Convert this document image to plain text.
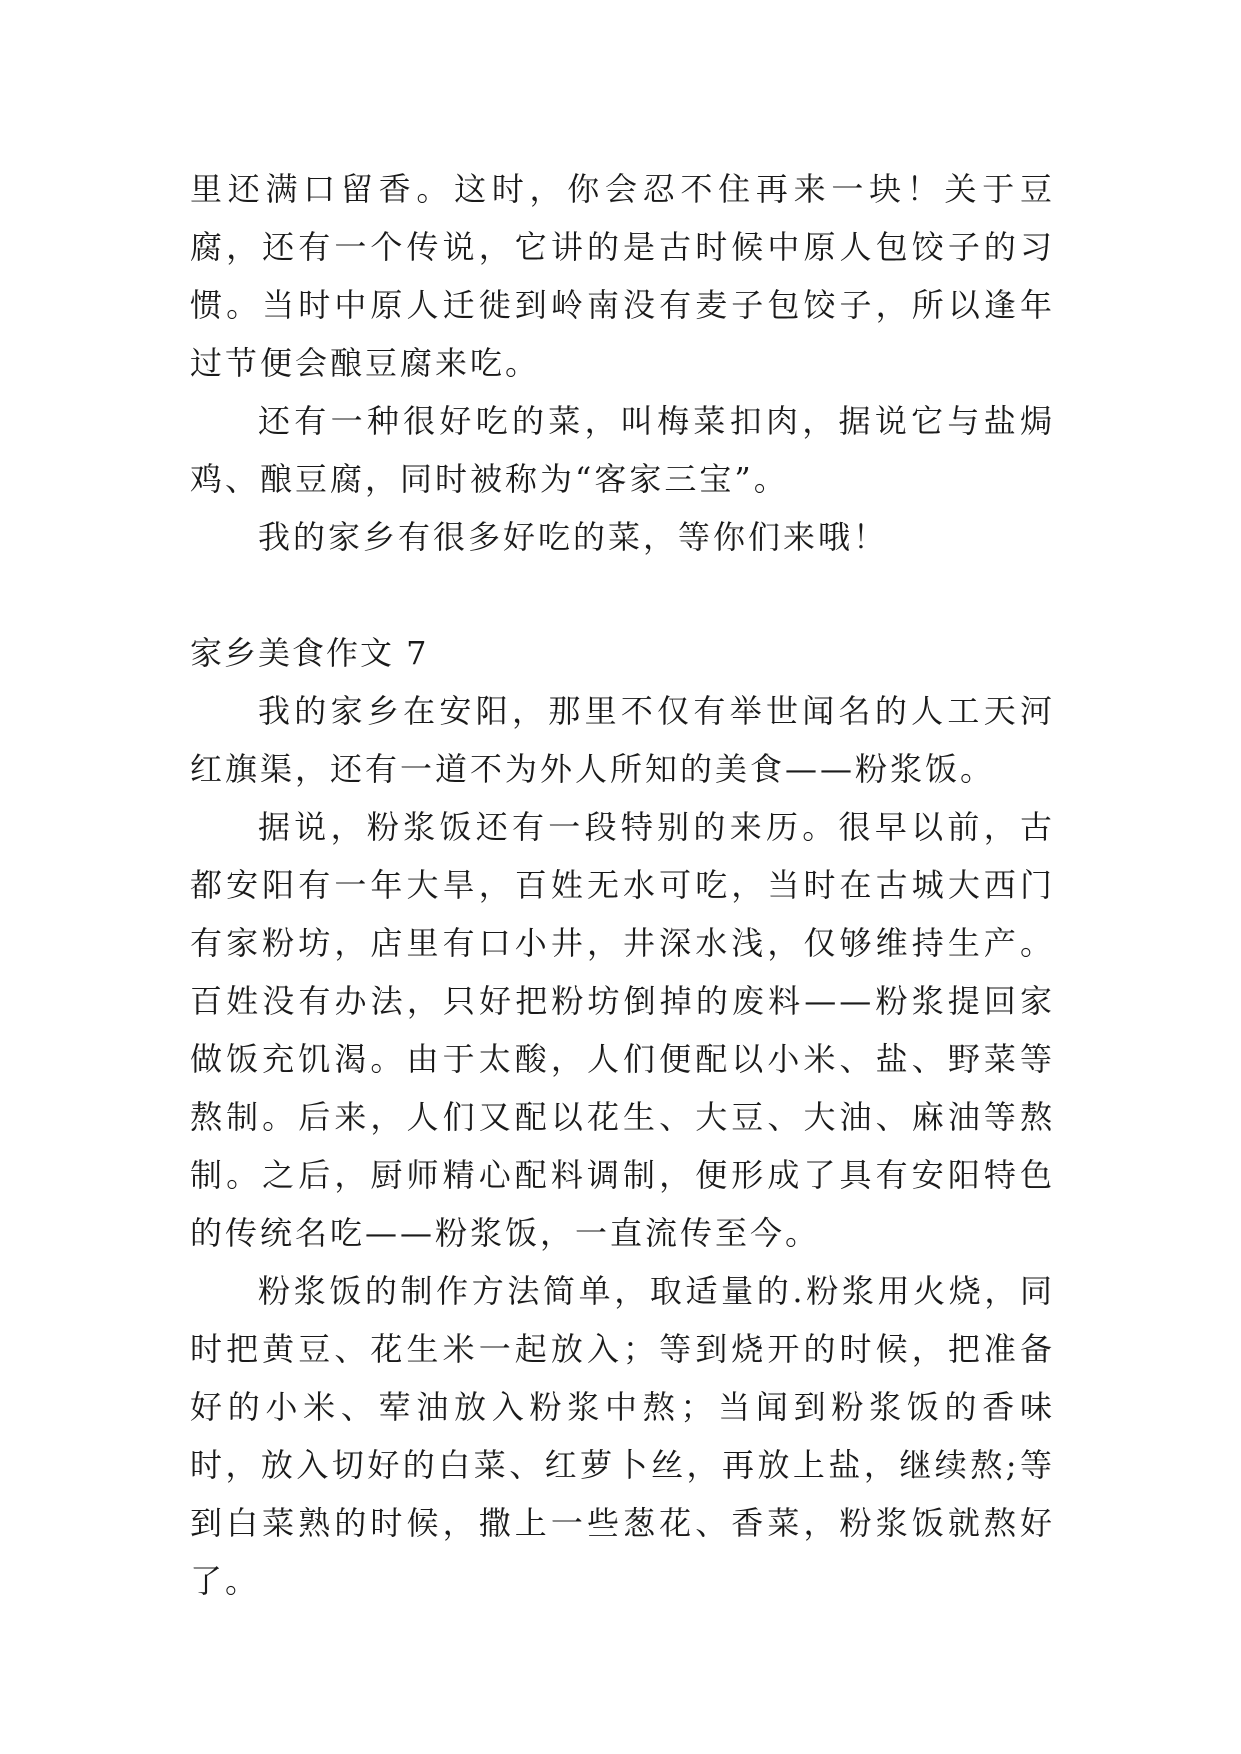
里还满口留香。这时，你会忍不住再来一块！关于豆腐，还有一个传说，它讲的是古时候中原人包饺子的习惯。当时中原人迁徙到岭南没有麦子包饺子，所以逢年过节便会酿豆腐来吃。

还有一种很好吃的菜，叫梅菜扣肉，据说它与盐焗鸡、酿豆腐，同时被称为“客家三宝”。

我的家乡有很多好吃的菜，等你们来哦！

家乡美食作文 7

我的家乡在安阳，那里不仅有举世闻名的人工天河红旗渠，还有一道不为外人所知的美食——粉浆饭。

据说，粉浆饭还有一段特别的来历。很早以前，古都安阳有一年大旱，百姓无水可吃，当时在古城大西门有家粉坊，店里有口小井，井深水浅，仅够维持生产。百姓没有办法，只好把粉坊倒掉的废料——粉浆提回家做饭充饥渴。由于太酸，人们便配以小米、盐、野菜等熬制。后来，人们又配以花生、大豆、大油、麻油等熬制。之后，厨师精心配料调制，便形成了具有安阳特色的传统名吃——粉浆饭，一直流传至今。

粉浆饭的制作方法简单，取适量的.粉浆用火烧，同时把黄豆、花生米一起放入；等到烧开的时候，把准备好的小米、荤油放入粉浆中熬；当闻到粉浆饭的香味时，放入切好的白菜、红萝卜丝，再放上盐，继续熬;等到白菜熟的时候，撒上一些葱花、香菜，粉浆饭就熬好了。
